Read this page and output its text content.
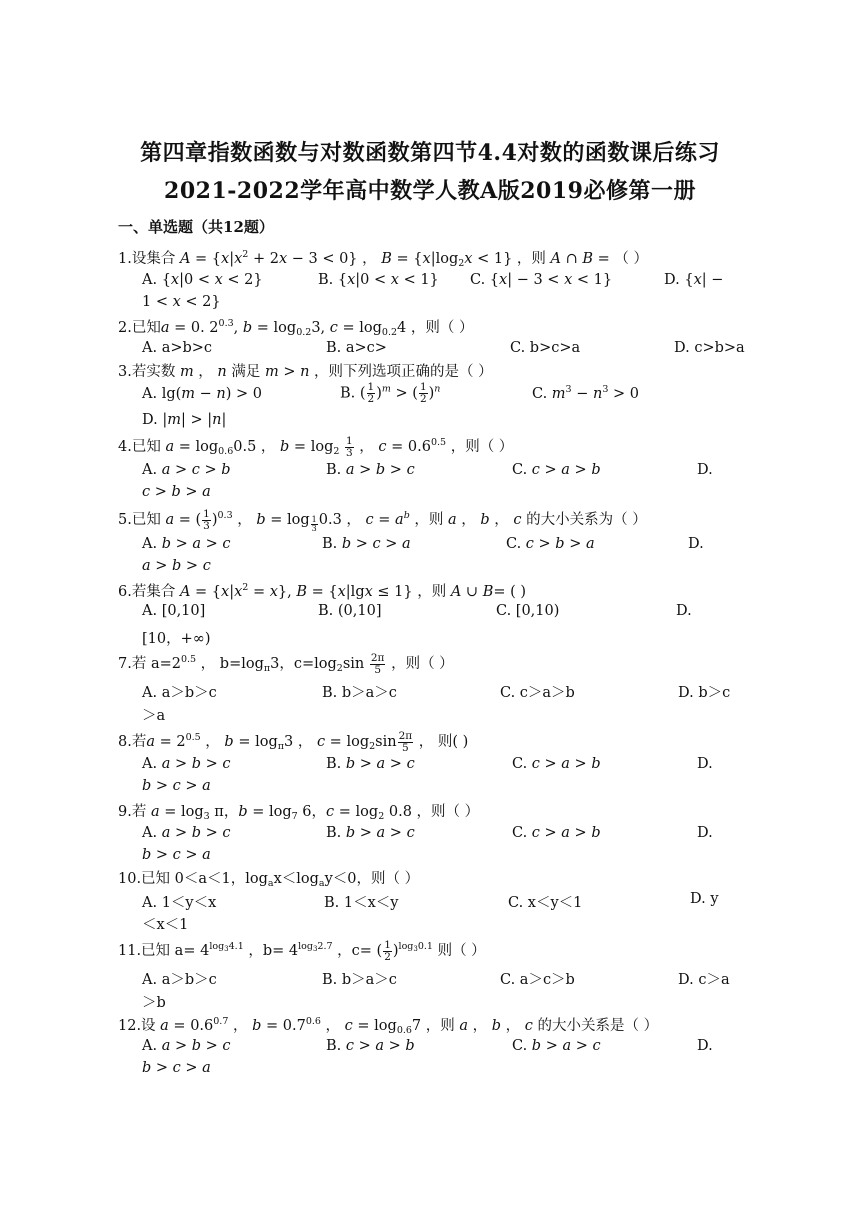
第四章指数函数与对数函数第四节4.4对数的函数课后练习
2021-2022学年高中数学人教A版2019必修第一册
一、单选题（共12题）
1.设集合 $A = \{x|x^2 + 2x - 3 < 0\}$ ， $B = \{x|\log_2x < 1\}$ ，则 A ∩ B = （ ）
A. {x|0 < x < 2}	B. {x|0 < x < 1} C. {x| − 3 < x < 1}	D. {x| −
1 < x < 2}
2.已知a = 0. $2^{0.3}$, $b = \log_{0.2}3$, $c = \log_{0.2}4$ ，则（ ）
A. a>b>c	B. a>c>	C. b>c>a	D. c>b>a
3.若实数 m ， n 满足 m > n ，则下列选项正确的是（ ）
A. lg(m − n) > 0	B. ( $\frac{1}{2} )^m$ > ( $\frac{1}{2} )^n$	C. $m^3 - n^3 > 0$
D. |m| > |n|
4.已知 $a = \log_{0.6}0.5$ ， $b = \log_2 \frac{1}{3}$ ， $c = 0.6^{0.5}$ ，则（ ）
A. a > c > b	B. a > b > c	C. c > a > b	D.
c > b > a
5.已知 a = ( $\frac{1}{3} )^{0.3}$ ， b = log $_{\frac{1}{3}}$ 0.3 ， $c = a^b$ ，则 a ， b ， c 的大小关系为（ ）
A. b > a > c	B. b > c > a	C. c > b > a	D.
a > b > c
6.若集合 $A = \{x|x^2 = x\}$, B = {x|lgx ≤ 1} ，则 A ∪ B= ( )
A. [0,10]	B. (0,10]	C. [0,10)	D.
[10，+∞)
7.若 $a=2^{0.5}$ ， $b=\log_\pi 3$，$c=\log_2\sin \frac{2\pi}{5}$ ，则（ ）
A. a＞b＞c	B. b＞a＞c	C. c＞a＞b	D. b＞c
＞a
8.若$a = 2^{0.5}$ ， $b = \log_\pi 3$ ， $c = \log_2\sin \frac{2\pi}{5}$ ， 则( )
A. a > b > c	B. b > a > c	C. c > a > b	D.
b > c > a
9.若 $a = \log_3 \pi$，$b = \log_7 6$，$c = \log_2 0.8$ ，则（ ）
A. a > b > c	B. b > a > c	C. c > a > b	D.
b > c > a
10.已知 0＜a＜1，$\log_ax<\log_ay<0$，则（ ）
A. 1＜y＜x	B. 1＜x＜y	C. x＜y＜1	D. y
＜x＜1
11.已知 $a= 4^{log_34.1}$ ，$b= 4^{log_32.7}$ ，c= ( $\frac{1}{2} )^{log_30.1}$ 则（ ）
A. a＞b＞c	B. b＞a＞c	C. a＞c＞b	D. c＞a
＞b
12.设 $a = 0.6^{0.7}$ ， $b = 0.7^{0.6}$ ， $c = \log_{0.6}7$ ，则 a ， b ， c 的大小关系是（ ）
A. a > b > c	B. c > a > b	C. b > a > c	D.
b > c > a
